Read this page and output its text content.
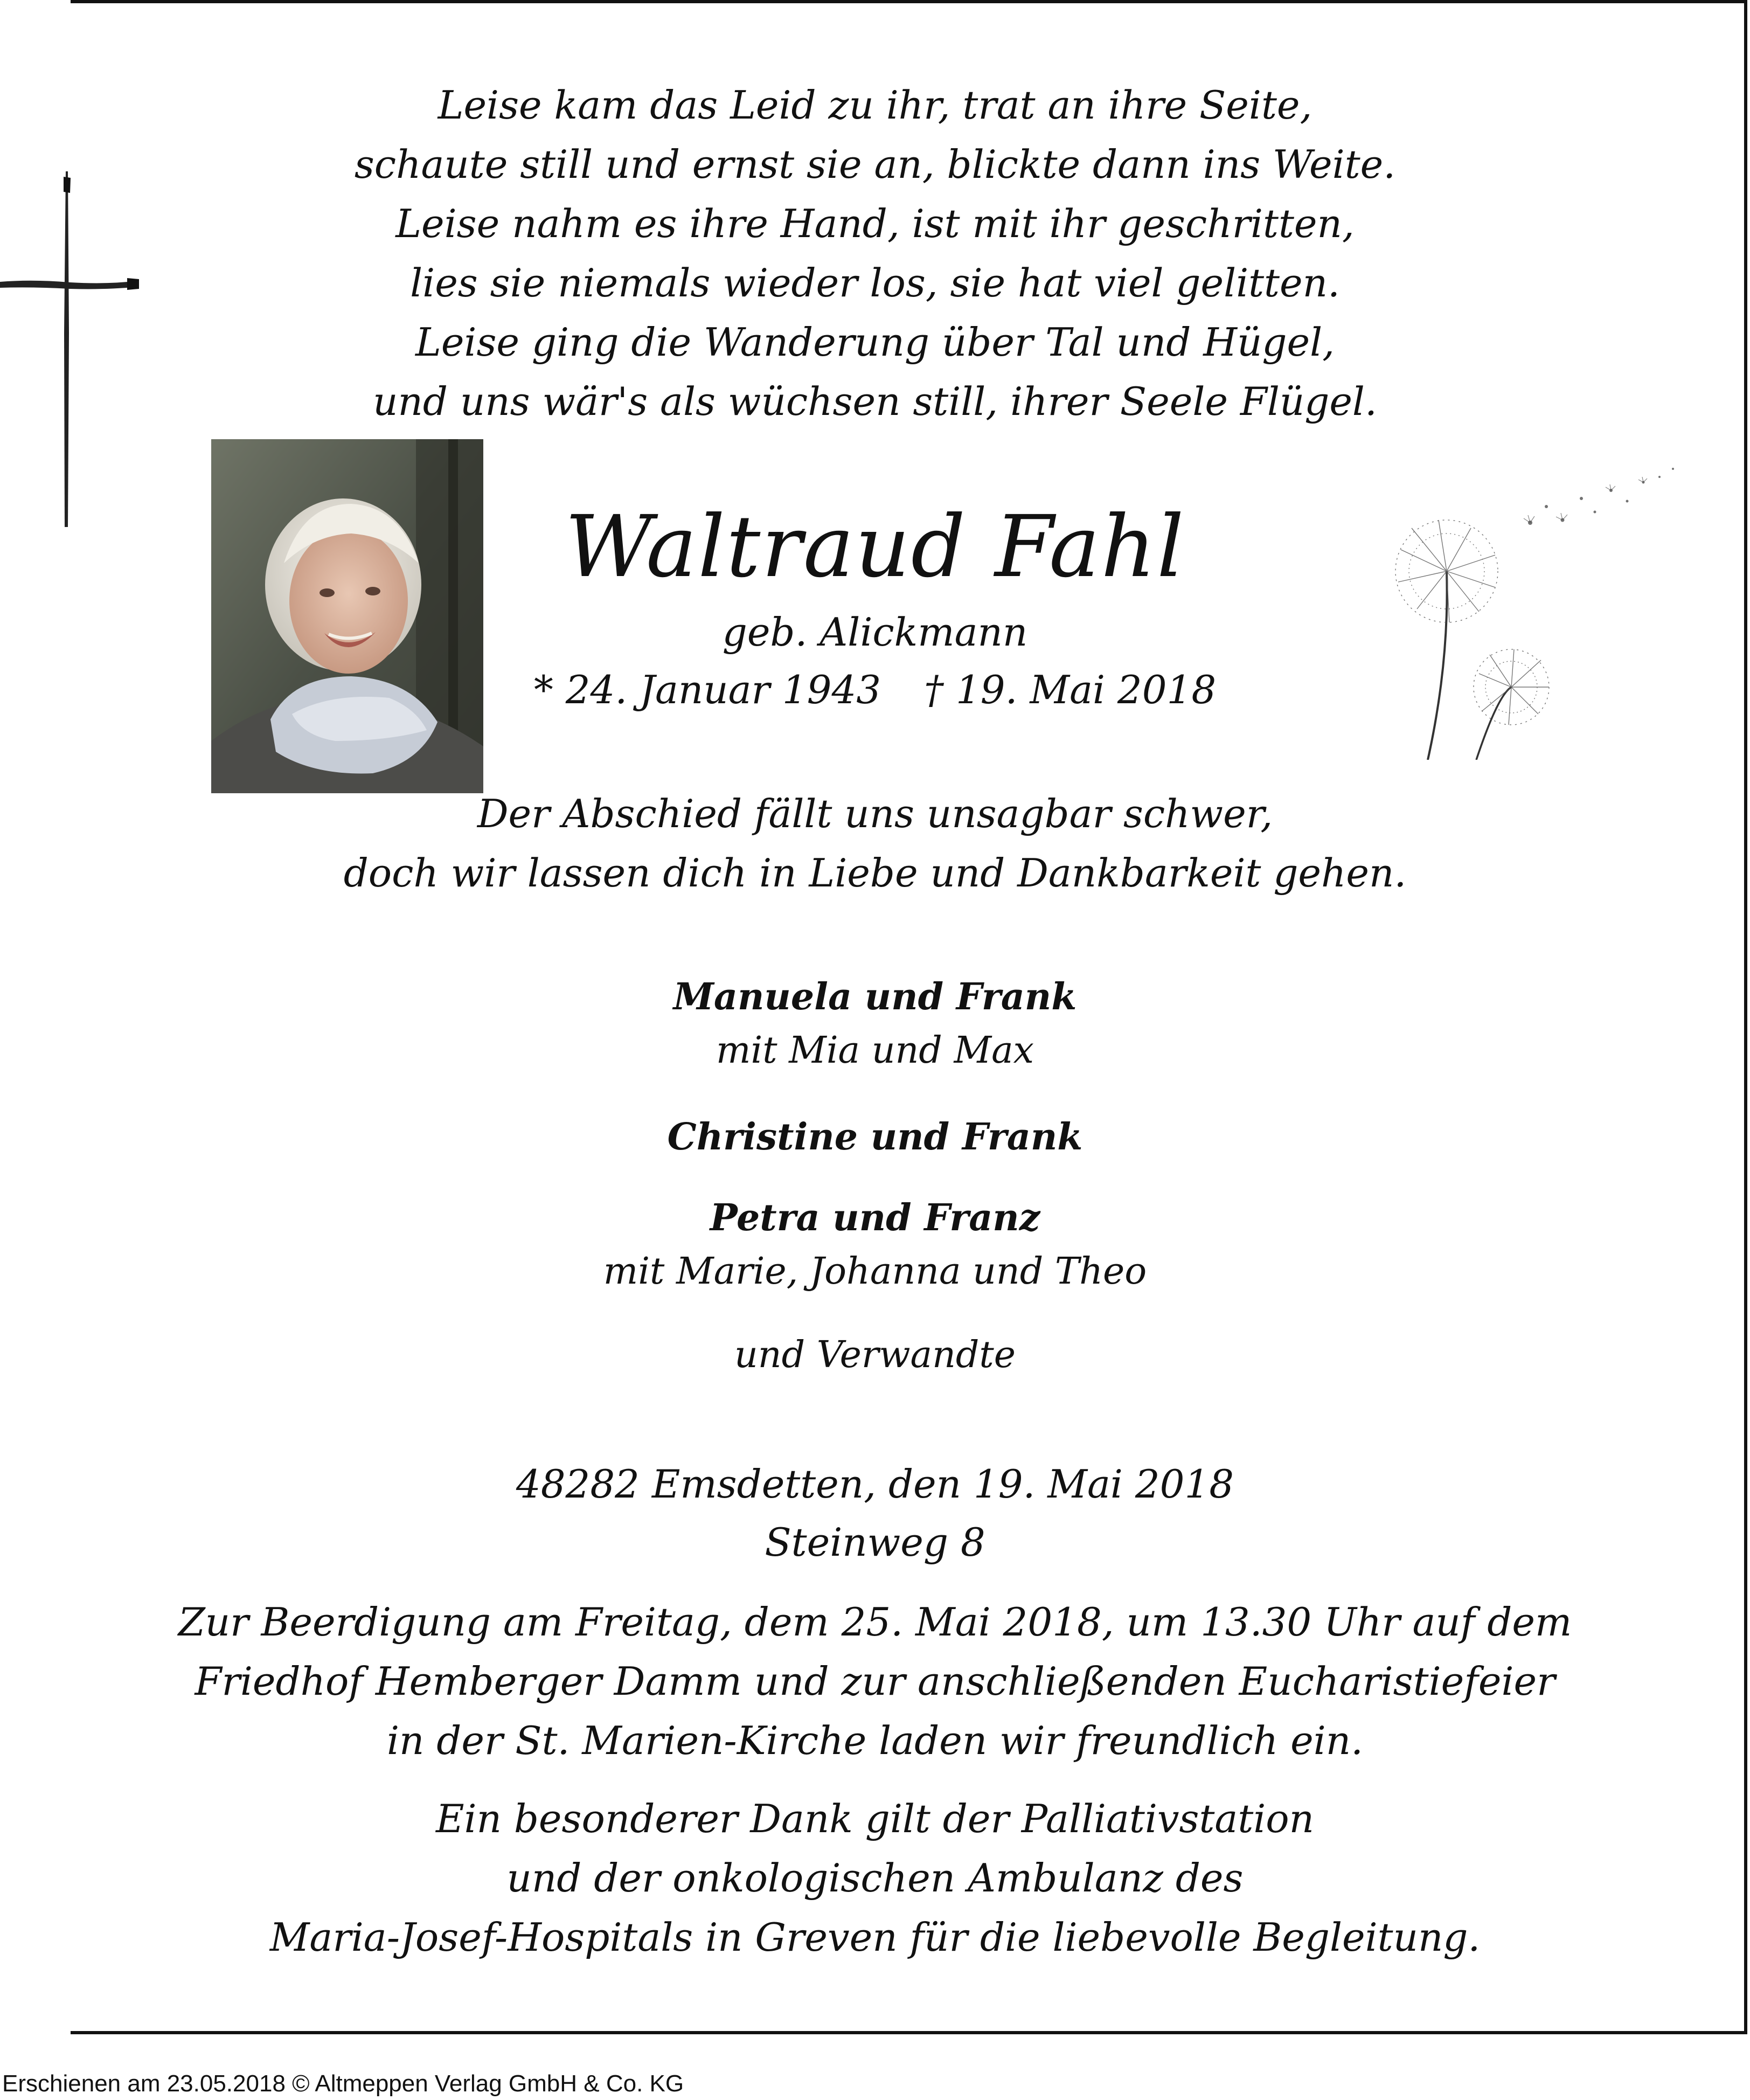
Leise kam das Leid zu ihr, trat an ihre Seite,
schaute still und ernst sie an, blickte dann ins Weite.
Leise nahm es ihre Hand, ist mit ihr geschritten,
lies sie niemals wieder los, sie hat viel gelitten.
Leise ging die Wanderung über Tal und Hügel,
und uns wär's als wüchsen still, ihrer Seele Flügel.
Waltraud Fahl
geb. Alickmann
* 24. Januar 1943 † 19. Mai 2018
Der Abschied fällt uns unsagbar schwer,
doch wir lassen dich in Liebe und Dankbarkeit gehen.
Manuela und Frank
mit Mia und Max
Christine und Frank
Petra und Franz
mit Marie, Johanna und Theo
und Verwandte
48282 Emsdetten, den 19. Mai 2018
Steinweg 8
Zur Beerdigung am Freitag, dem 25. Mai 2018, um 13.30 Uhr auf dem
Friedhof Hemberger Damm und zur anschließenden Eucharistiefeier
in der St. Marien-Kirche laden wir freundlich ein.
Ein besonderer Dank gilt der Palliativstation
und der onkologischen Ambulanz des
Maria-Josef-Hospitals in Greven für die liebevolle Begleitung.
Erschienen am 23.05.2018 © Altmeppen Verlag GmbH & Co. KG
